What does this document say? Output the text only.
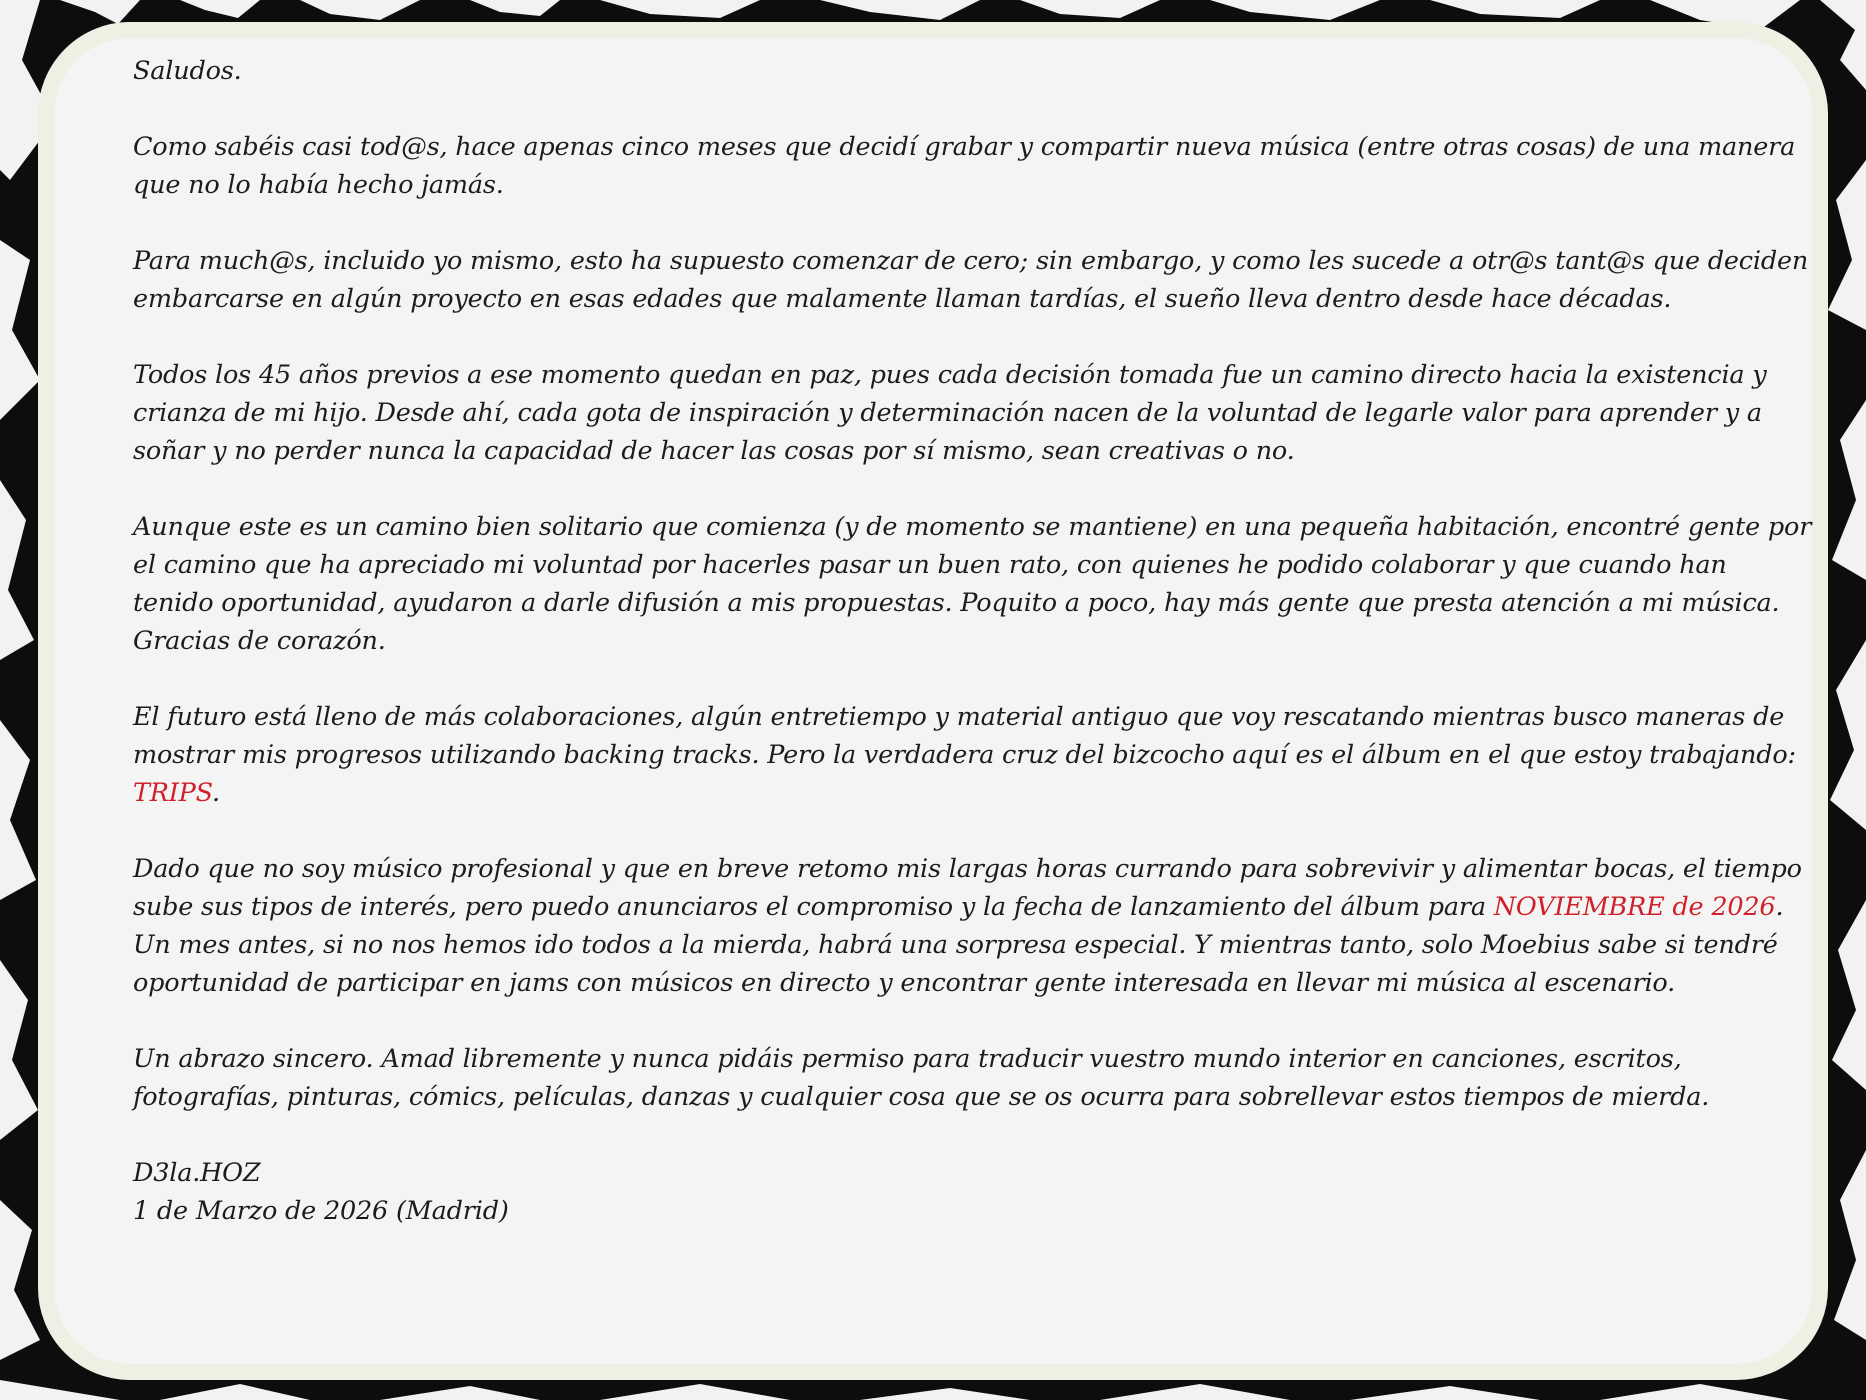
Saludos.

Como sabéis casi tod@s, hace apenas cinco meses que decidí grabar y compartir nueva música (entre otras cosas) de una manera que no lo había hecho jamás.

Para much@s, incluido yo mismo, esto ha supuesto comenzar de cero; sin embargo, y como les sucede a otr@s tant@s que deciden embarcarse en algún proyecto en esas edades que malamente llaman tardías, el sueño lleva dentro desde hace décadas.

Todos los 45 años previos a ese momento quedan en paz, pues cada decisión tomada fue un camino directo hacia la existencia y crianza de mi hijo. Desde ahí, cada gota de inspiración y determinación nacen de la voluntad de legarle valor para aprender y a soñar y no perder nunca la capacidad de hacer las cosas por sí mismo, sean creativas o no.

Aunque este es un camino bien solitario que comienza (y de momento se mantiene) en una pequeña habitación, encontré gente por el camino que ha apreciado mi voluntad por hacerles pasar un buen rato, con quienes he podido colaborar y que cuando han tenido oportunidad, ayudaron a darle difusión a mis propuestas. Poquito a poco, hay más gente que presta atención a mi música. Gracias de corazón.

El futuro está lleno de más colaboraciones, algún entretiempo y material antiguo que voy rescatando mientras busco maneras de mostrar mis progresos utilizando backing tracks. Pero la verdadera cruz del bizcocho aquí es el álbum en el que estoy trabajando: TRIPS.

Dado que no soy músico profesional y que en breve retomo mis largas horas currando para sobrevivir y alimentar bocas, el tiempo sube sus tipos de interés, pero puedo anunciaros el compromiso y la fecha de lanzamiento del álbum para NOVIEMBRE de 2026. Un mes antes, si no nos hemos ido todos a la mierda, habrá una sorpresa especial. Y mientras tanto, solo Moebius sabe si tendré oportunidad de participar en jams con músicos en directo y encontrar gente interesada en llevar mi música al escenario.

Un abrazo sincero. Amad libremente y nunca pidáis permiso para traducir vuestro mundo interior en canciones, escritos, fotografías, pinturas, cómics, películas, danzas y cualquier cosa que se os ocurra para sobrellevar estos tiempos de mierda.

D3la.HOZ

1 de Marzo de 2026 (Madrid)
